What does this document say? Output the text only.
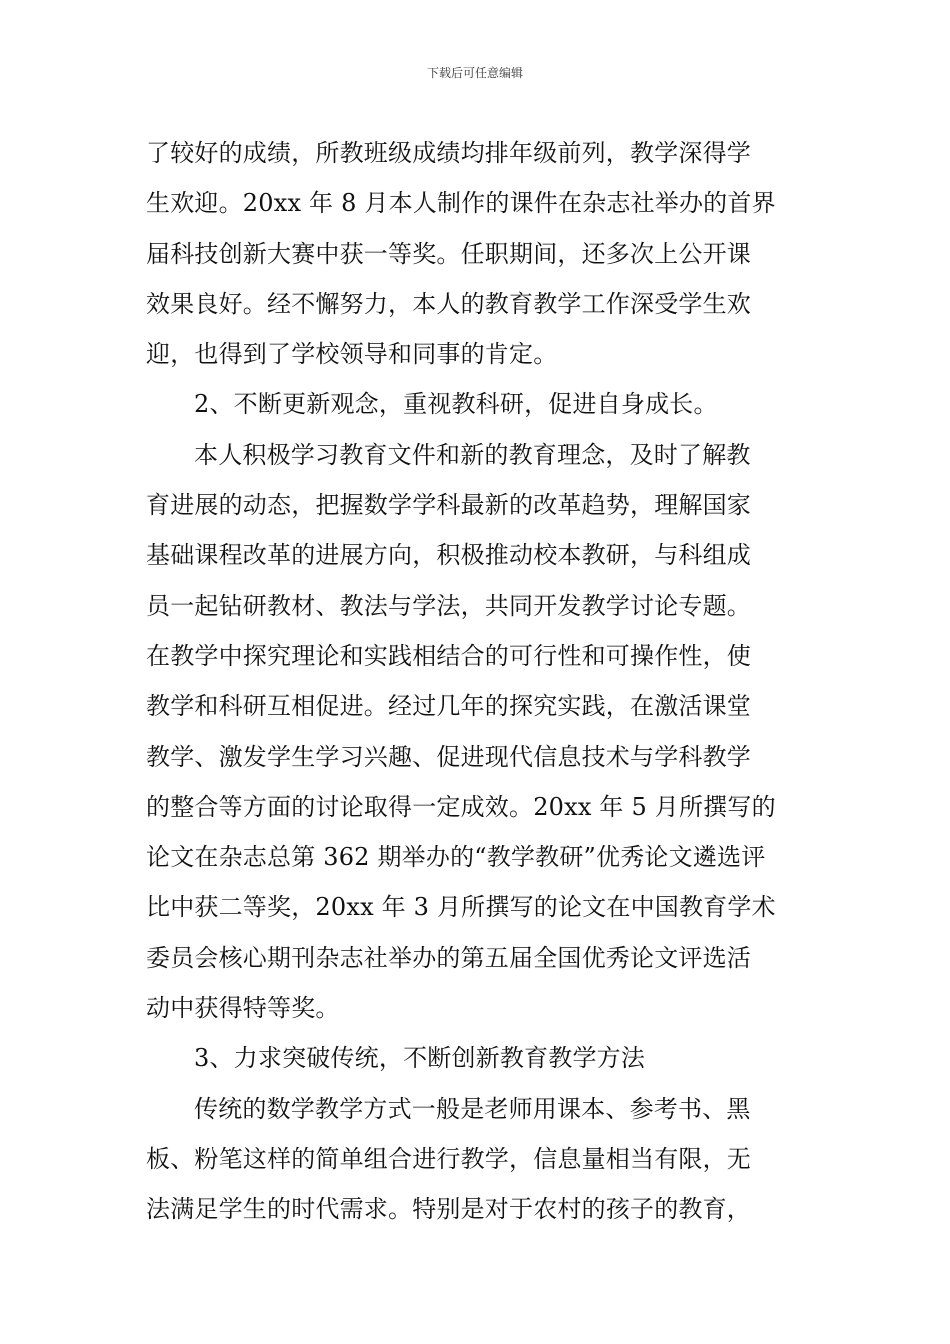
下载后可任意编辑
了较好的成绩，所教班级成绩均排年级前列，教学深得学
生欢迎。20xx 年 8 月本人制作的课件在杂志社举办的首界
届科技创新大赛中获一等奖。任职期间，还多次上公开课
效果良好。经不懈努力，本人的教育教学工作深受学生欢
迎，也得到了学校领导和同事的肯定。
2、不断更新观念，重视教科研，促进自身成长。
本人积极学习教育文件和新的教育理念，及时了解教
育进展的动态，把握数学学科最新的改革趋势，理解国家
基础课程改革的进展方向，积极推动校本教研，与科组成
员一起钻研教材、教法与学法，共同开发教学讨论专题。
在教学中探究理论和实践相结合的可行性和可操作性，使
教学和科研互相促进。经过几年的探究实践，在激活课堂
教学、激发学生学习兴趣、促进现代信息技术与学科教学
的整合等方面的讨论取得一定成效。20xx 年 5 月所撰写的
论文在杂志总第 362 期举办的“教学教研”优秀论文遴选评
比中获二等奖，20xx 年 3 月所撰写的论文在中国教育学术
委员会核心期刊杂志社举办的第五届全国优秀论文评选活
动中获得特等奖。
3、力求突破传统，不断创新教育教学方法
传统的数学教学方式一般是老师用课本、参考书、黑
板、粉笔这样的简单组合进行教学，信息量相当有限，无
法满足学生的时代需求。特别是对于农村的孩子的教育，
